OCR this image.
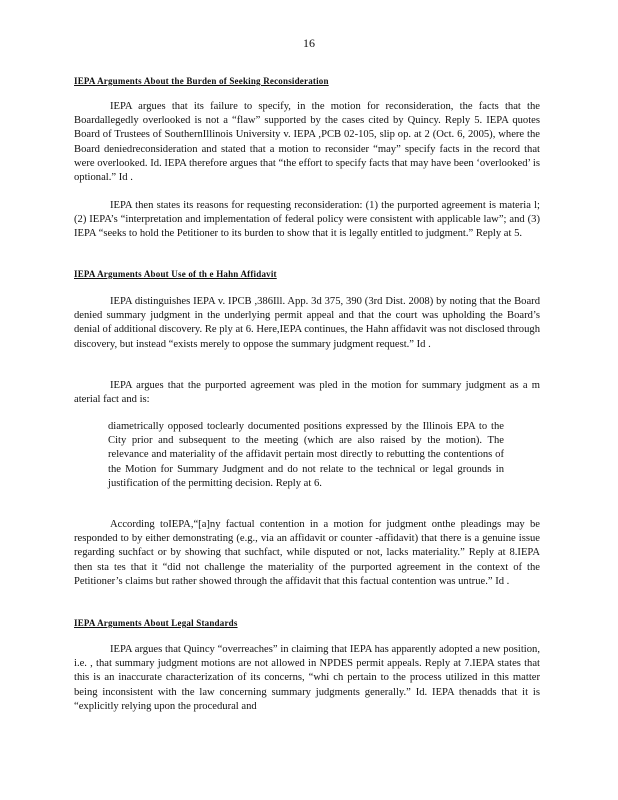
16
IEPA Arguments About the Burden of Seeking Reconsideration

IEPA argues that its failure to specify, in the motion for reconsideration, the facts that the Boardallegedly overlooked is not a “flaw” supported by the cases cited by Quincy. Reply 5. IEPA quotes Board of Trustees of SouthernIllinois University v. IEPA ,PCB 02-105, slip op. at 2 (Oct. 6, 2005), where the Board deniedreconsideration and stated that a motion to reconsider “may” specify facts in the record that were overlooked. Id. IEPA therefore argues that “the effort to specify facts that may have been ‘overlooked’ is optional.” Id .

IEPA then states its reasons for requesting reconsideration: (1) the purported agreement is materia l; (2) IEPA’s “interpretation and implementation of federal policy were consistent with applicable law”; and (3) IEPA “seeks to hold the Petitioner to its burden to show that it is legally entitled to judgment.” Reply at 5.

IEPA Arguments About Use of th e Hahn Affidavit

IEPA distinguishes IEPA v. IPCB ,386Ill. App. 3d 375, 390 (3rd Dist. 2008) by noting that the Board denied summary judgment in the underlying permit appeal and that the court was upholding the Board’s denial of additional discovery. Re ply at 6. Here,IEPA continues, the Hahn affidavit was not disclosed through discovery, but instead “exists merely to oppose the summary judgment request.” Id .

IEPA argues that the purported agreement was pled in the motion for summary judgment as a m aterial fact and is:

diametrically opposed toclearly documented positions expressed by the Illinois EPA to the City prior and subsequent to the meeting (which are also raised by the motion). The relevance and materiality of the affidavit pertain most directly to rebutting the contentions of the Motion for Summary Judgment and do not relate to the technical or legal grounds in justification of the permitting decision. Reply at 6.

According toIEPA,“[a]ny factual contention in a motion for judgment onthe pleadings may be responded to by either demonstrating (e.g., via an affidavit or counter -affidavit) that there is a genuine issue regarding suchfact or by showing that suchfact, while disputed or not, lacks materiality.” Reply at 8.IEPA then sta tes that it “did not challenge the materiality of the purported agreement in the context of the Petitioner’s claims but rather showed through the affidavit that this factual contention was untrue.” Id .

IEPA Arguments About Legal Standards

IEPA argues that Quincy “overreaches” in claiming that IEPA has apparently adopted a new position, i.e. , that summary judgment motions are not allowed in NPDES permit appeals. Reply at 7.IEPA states that this is an inaccurate characterization of its concerns, “whi ch pertain to the process utilized in this matter being inconsistent with the law concerning summary judgments generally.” Id. IEPA thenadds that it is “explicitly relying upon the procedural and
